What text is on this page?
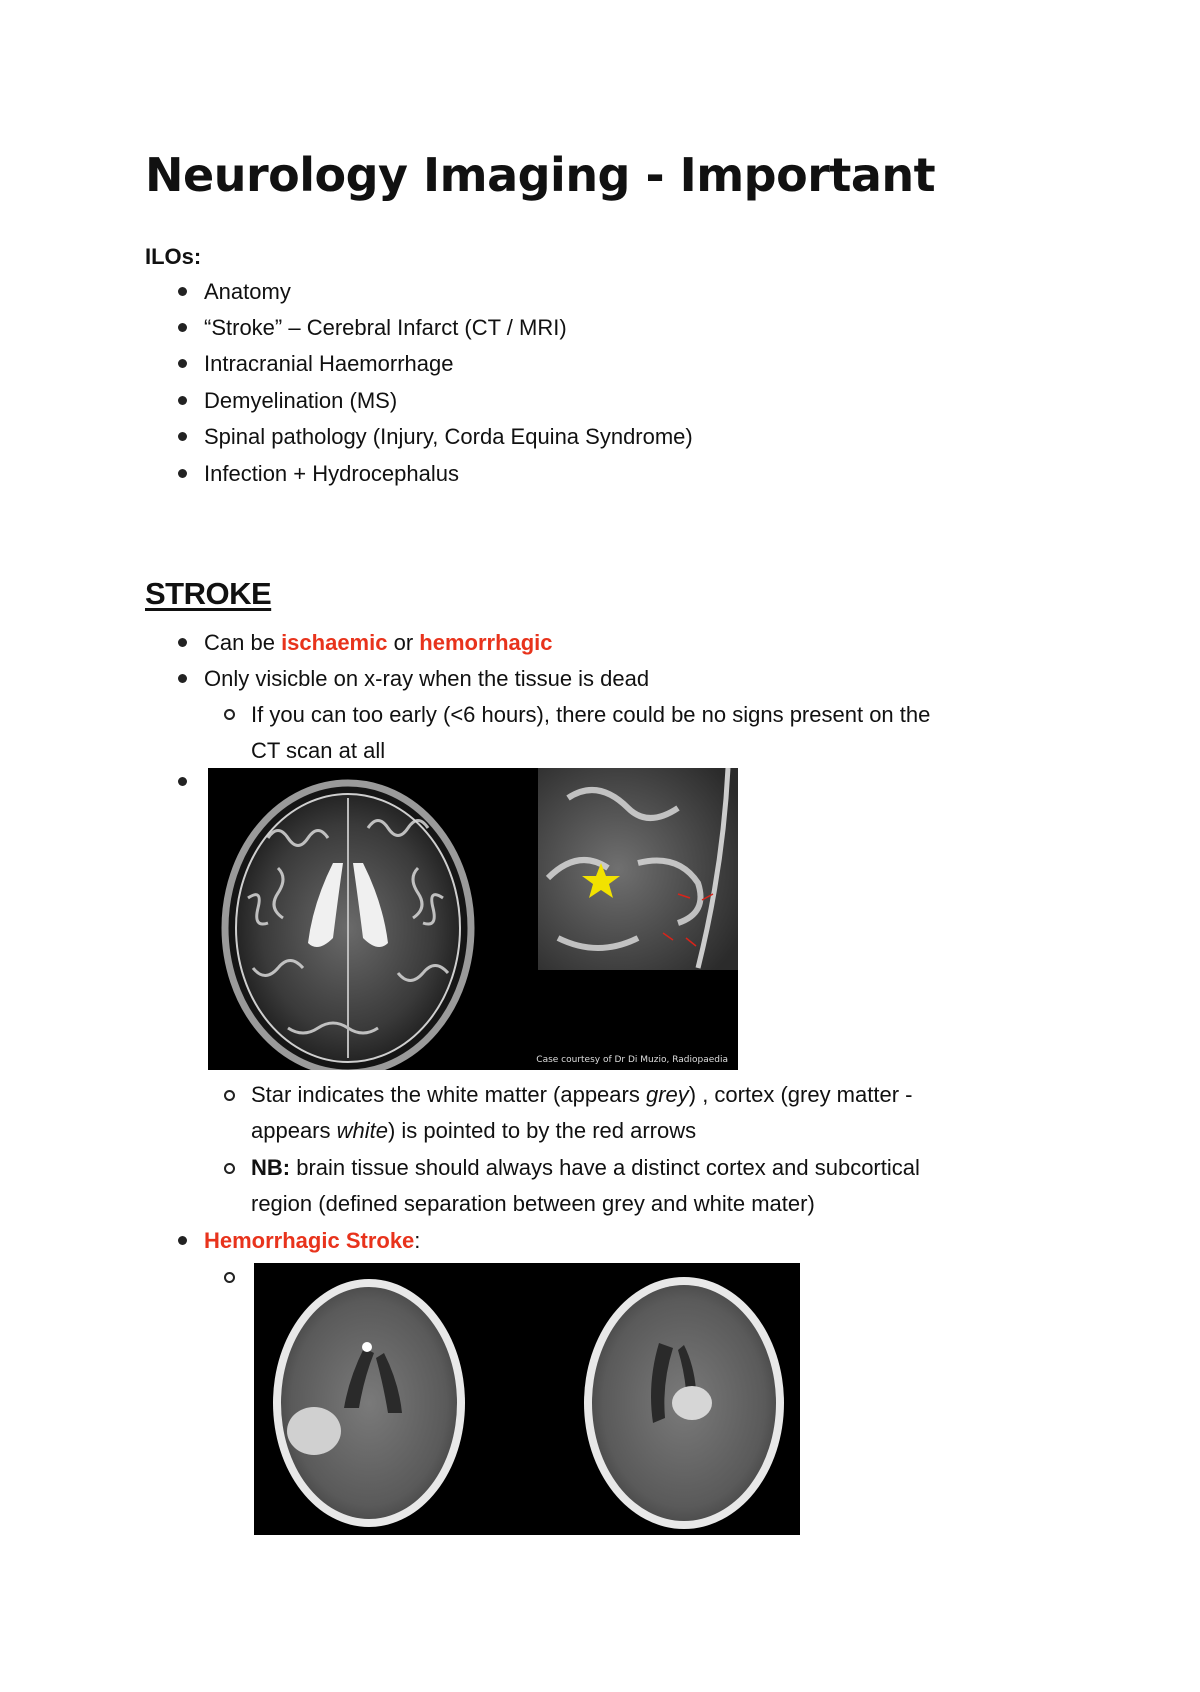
Neurology Imaging - Important
ILOs:
Anatomy
“Stroke” – Cerebral Infarct (CT / MRI)
Intracranial Haemorrhage
Demyelination (MS)
Spinal pathology (Injury, Corda Equina Syndrome)
Infection + Hydrocephalus
STROKE
Can be ischaemic or hemorrhagic
Only visicble on x-ray when the tissue is dead
If you can too early (<6 hours), there could be no signs present on the
CT scan at all
Case courtesy of Dr Di Muzio, Radiopaedia
Star indicates the white matter (appears grey) , cortex (grey matter -
appears white) is pointed to by the red arrows
NB: brain tissue should always have a distinct cortex and subcortical
region (defined separation between grey and white mater)
Hemorrhagic Stroke:
